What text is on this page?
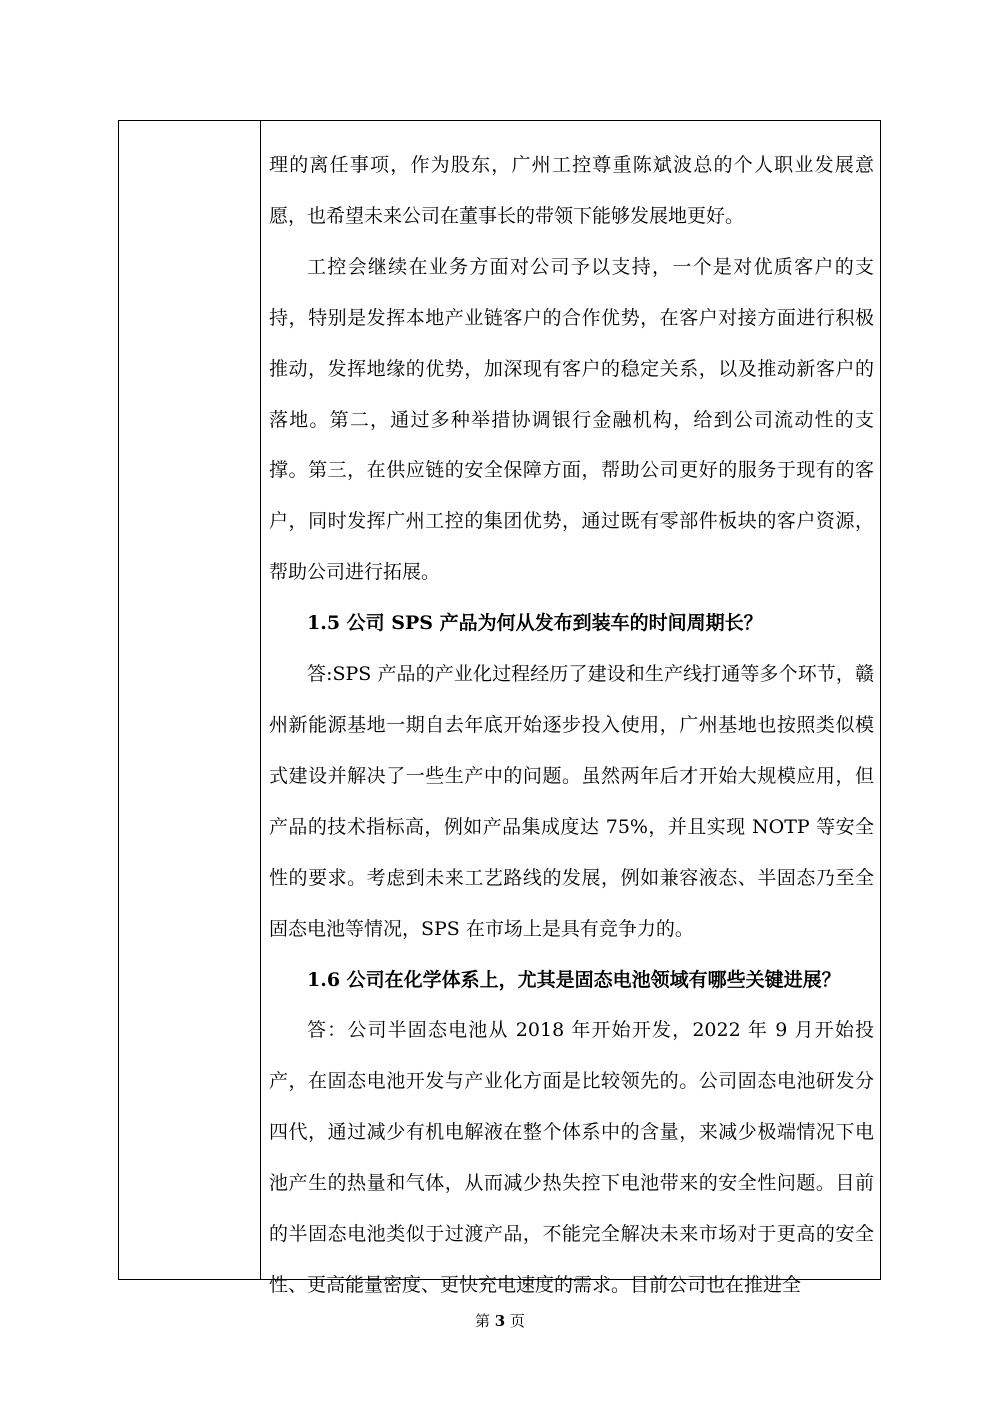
理的离任事项，作为股东，广州工控尊重陈斌波总的个人职业发展意愿，也希望未来公司在董事长的带领下能够发展地更好。

工控会继续在业务方面对公司予以支持，一个是对优质客户的支持，特别是发挥本地产业链客户的合作优势，在客户对接方面进行积极推动，发挥地缘的优势，加深现有客户的稳定关系，以及推动新客户的落地。第二，通过多种举措协调银行金融机构，给到公司流动性的支撑。第三，在供应链的安全保障方面，帮助公司更好的服务于现有的客户，同时发挥广州工控的集团优势，通过既有零部件板块的客户资源，帮助公司进行拓展。

1.5 公司 SPS 产品为何从发布到装车的时间周期长？

答:SPS 产品的产业化过程经历了建设和生产线打通等多个环节，赣州新能源基地一期自去年底开始逐步投入使用，广州基地也按照类似模式建设并解决了一些生产中的问题。虽然两年后才开始大规模应用，但产品的技术指标高，例如产品集成度达 75%，并且实现 NOTP 等安全性的要求。考虑到未来工艺路线的发展，例如兼容液态、半固态乃至全固态电池等情况，SPS 在市场上是具有竞争力的。

1.6 公司在化学体系上，尤其是固态电池领域有哪些关键进展？

答：公司半固态电池从 2018 年开始开发，2022 年 9 月开始投产，在固态电池开发与产业化方面是比较领先的。公司固态电池研发分四代，通过减少有机电解液在整个体系中的含量，来减少极端情况下电池产生的热量和气体，从而减少热失控下电池带来的安全性问题。目前的半固态电池类似于过渡产品，不能完全解决未来市场对于更高的安全性、更高能量密度、更快充电速度的需求。目前公司也在推进全

第 3 页
